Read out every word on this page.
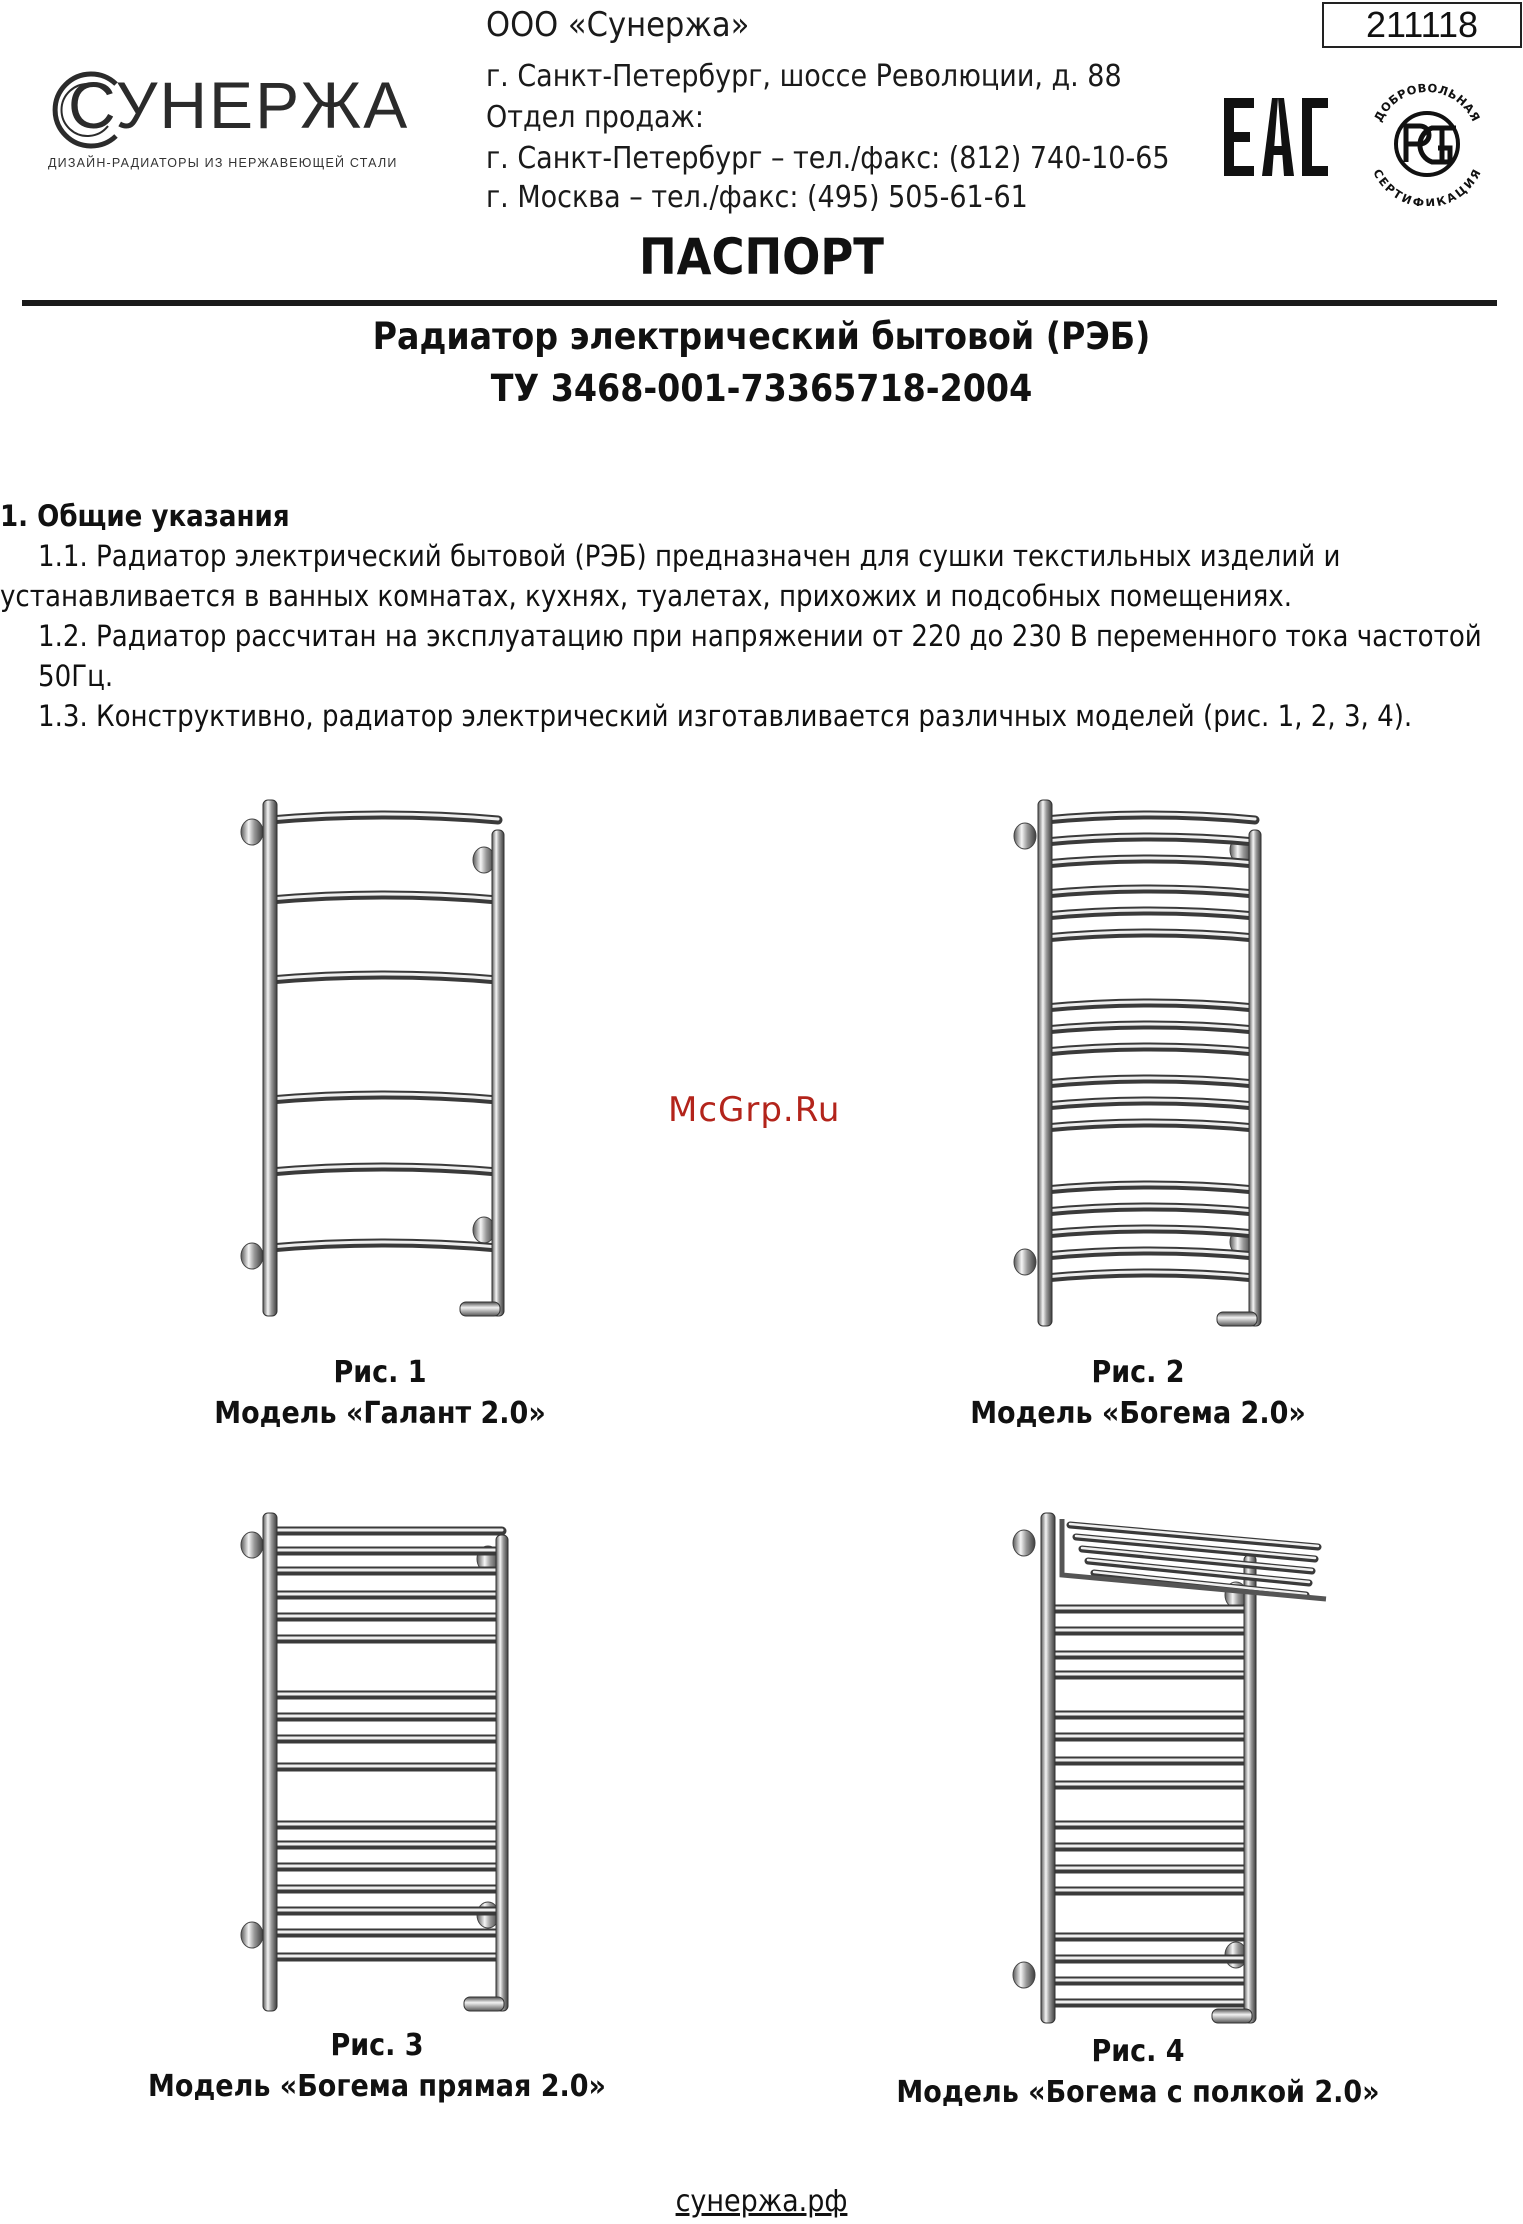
СУНЕРЖА
ДИЗАЙН-РАДИАТОРЫ ИЗ НЕРЖАВЕЮЩЕЙ СТАЛИ
ООО «Сунержа»
г. Санкт-Петербург, шоссе Революции, д. 88
Отдел продаж:
г. Санкт-Петербург – тел./факс: (812) 740-10-65
г. Москва – тел./факс: (495) 505-61-61
211118
ДОБРОВОЛЬНАЯ
СЕРТИФИКАЦИЯ
ПАСПОРТ
Радиатор электрический бытовой (РЭБ)
ТУ 3468-001-73365718-2004
1. Общие указания
1.1. Радиатор электрический бытовой (РЭБ) предназначен для сушки текстильных изделий и
устанавливается в ванных комнатах, кухнях, туалетах, прихожих и подсобных помещениях.
1.2. Радиатор рассчитан на эксплуатацию при напряжении от 220 до 230 В переменного тока частотой 50Гц.
1.3. Конструктивно, радиатор электрический изготавливается различных моделей (рис. 1, 2, 3, 4).
McGrp.Ru
Рис. 1
Модель «Галант 2.0»
Рис. 2
Модель «Богема 2.0»
Рис. 3
Модель «Богема прямая 2.0»
Рис. 4
Модель «Богема с полкой 2.0»
сунержа.рф
